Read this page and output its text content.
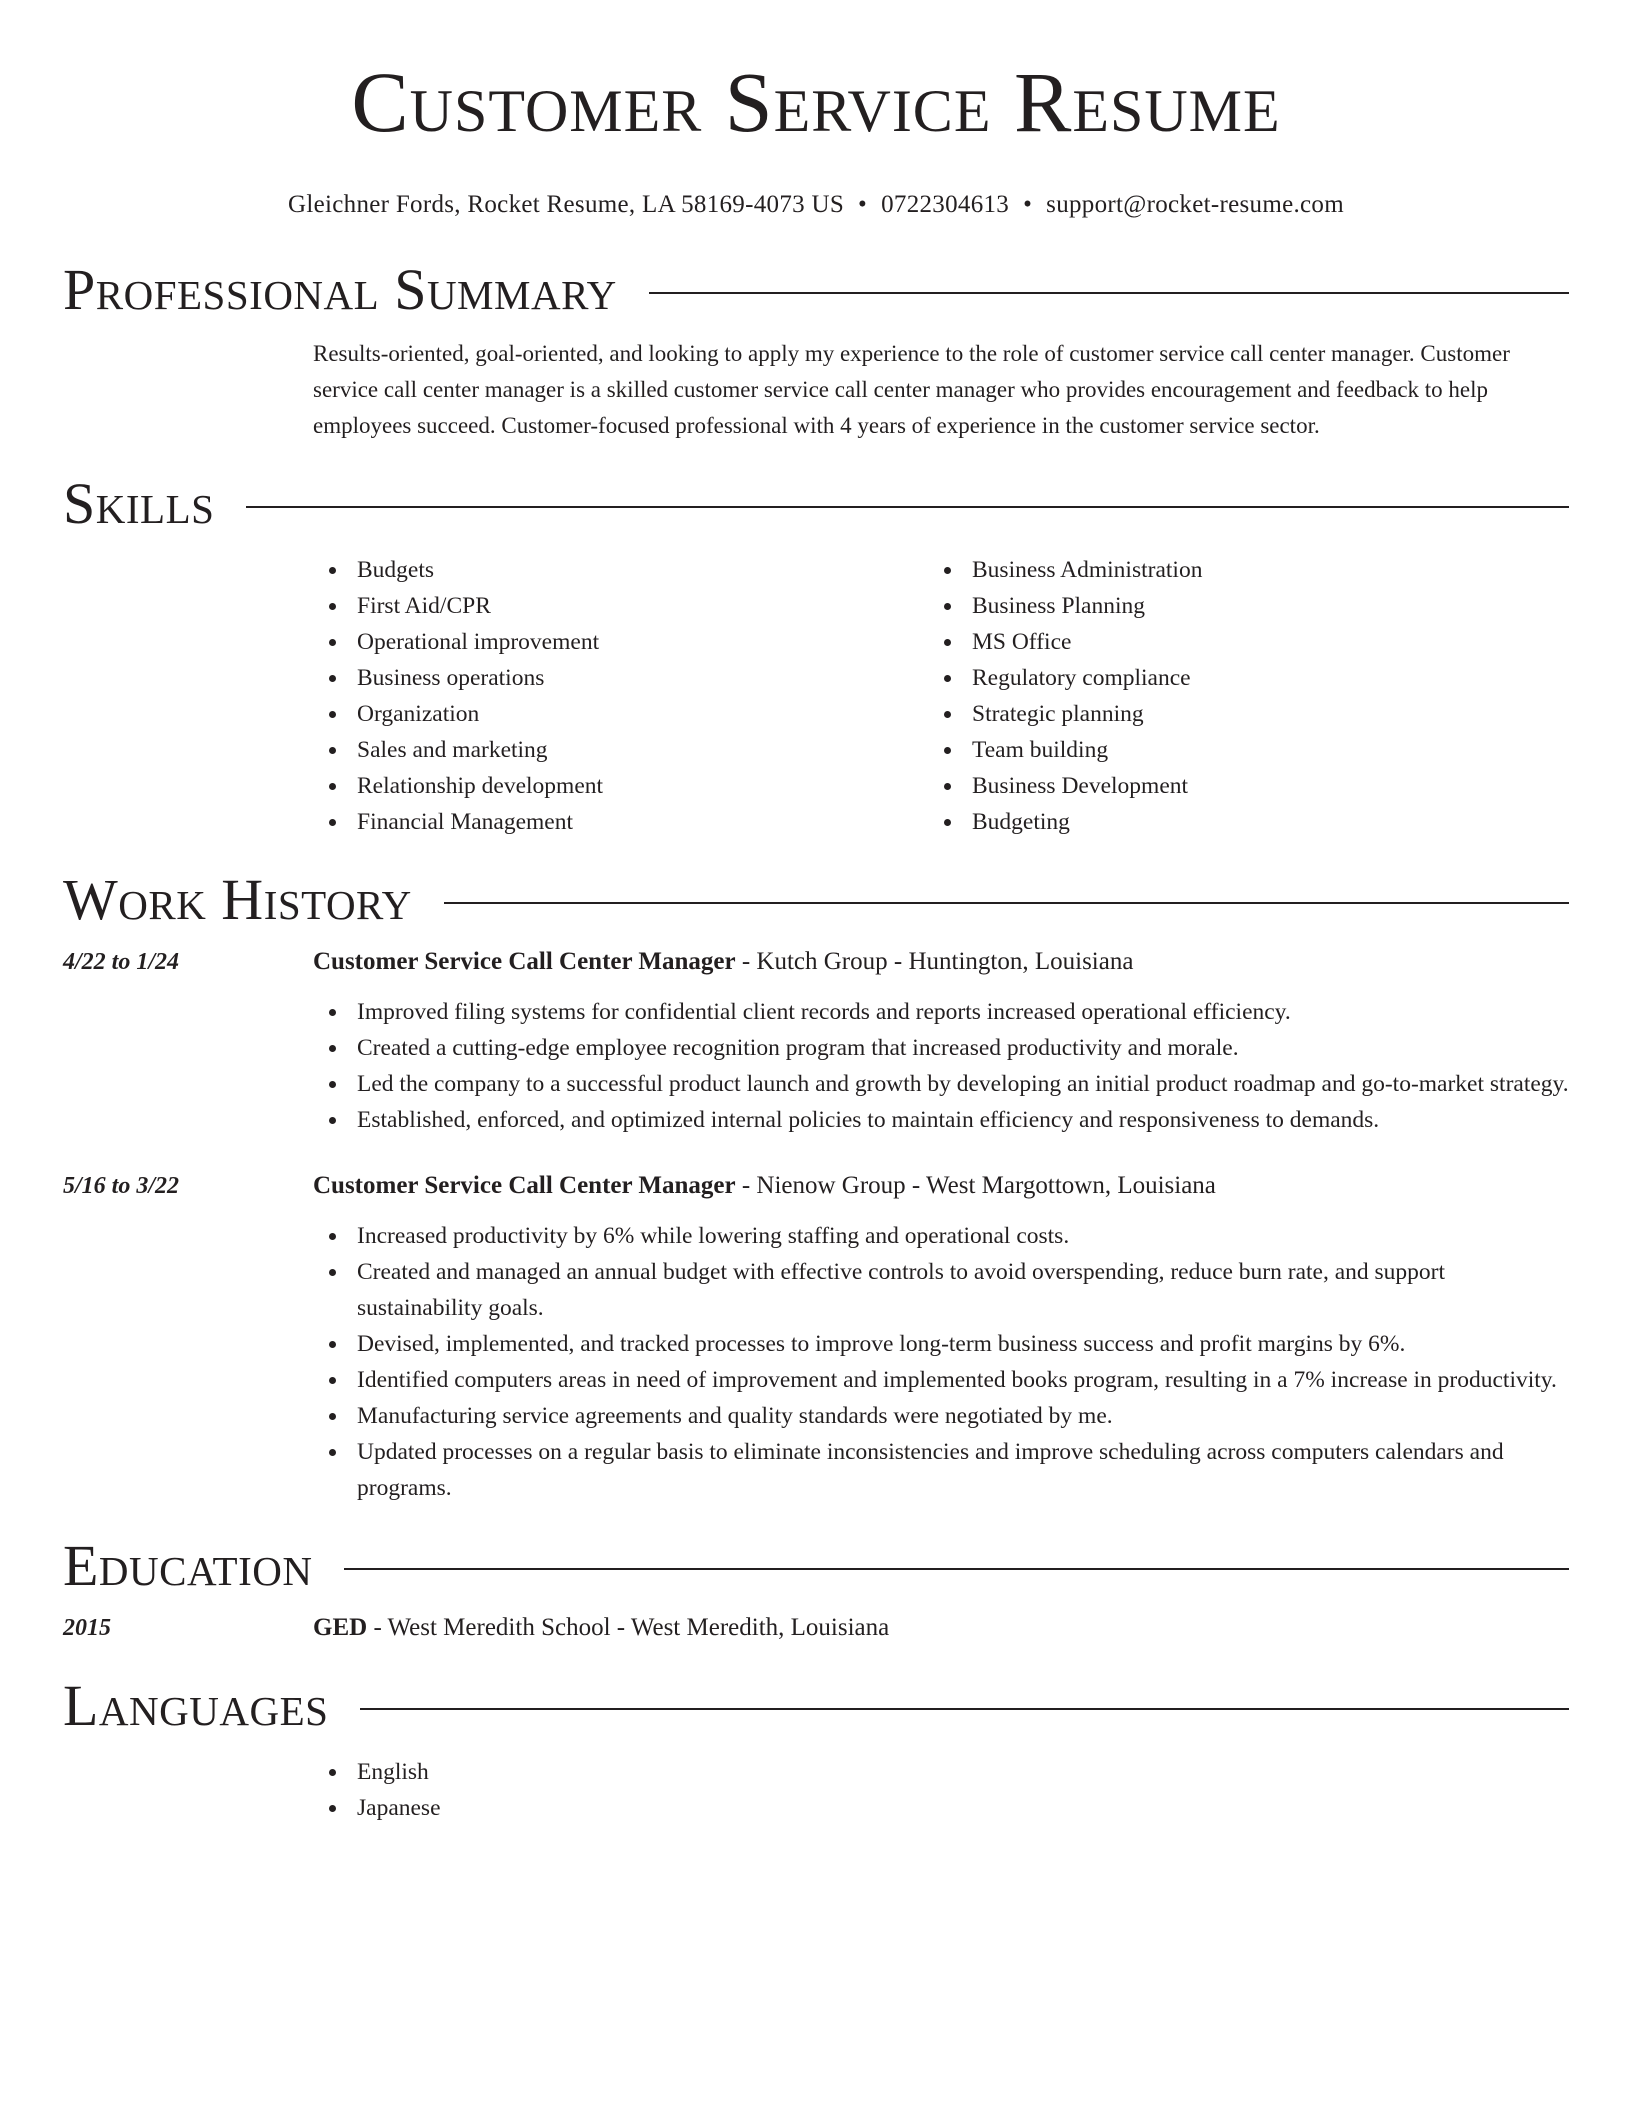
Customer Service Resume
Gleichner Fords, Rocket Resume, LA 58169-4073 US • 0722304613 • support@rocket-resume.com
Professional Summary

Results-oriented, goal-oriented, and looking to apply my experience to the role of customer service call center manager. Customer service call center manager is a skilled customer service call center manager who provides encouragement and feedback to help employees succeed. Customer-focused professional with 4 years of experience in the customer service sector.

Skills
Budgets
First Aid/CPR
Operational improvement
Business operations
Organization
Sales and marketing
Relationship development
Financial Management
Business Administration
Business Planning
MS Office
Regulatory compliance
Strategic planning
Team building
Business Development
Budgeting
Work History
4/22 to 1/24	Customer Service Call Center Manager - Kutch Group - Huntington, Louisiana
Improved filing systems for confidential client records and reports increased operational efficiency.
Created a cutting-edge employee recognition program that increased productivity and morale.
Led the company to a successful product launch and growth by developing an initial product roadmap and go-to-market strategy.
Established, enforced, and optimized internal policies to maintain efficiency and responsiveness to demands.
5/16 to 3/22	Customer Service Call Center Manager - Nienow Group - West Margottown, Louisiana
Increased productivity by 6% while lowering staffing and operational costs.
Created and managed an annual budget with effective controls to avoid overspending, reduce burn rate, and support sustainability goals.
Devised, implemented, and tracked processes to improve long-term business success and profit margins by 6%.
Identified computers areas in need of improvement and implemented books program, resulting in a 7% increase in productivity.
Manufacturing service agreements and quality standards were negotiated by me.
Updated processes on a regular basis to eliminate inconsistencies and improve scheduling across computers calendars and programs.
Education
2015	GED - West Meredith School - West Meredith, Louisiana
Languages
English
Japanese
